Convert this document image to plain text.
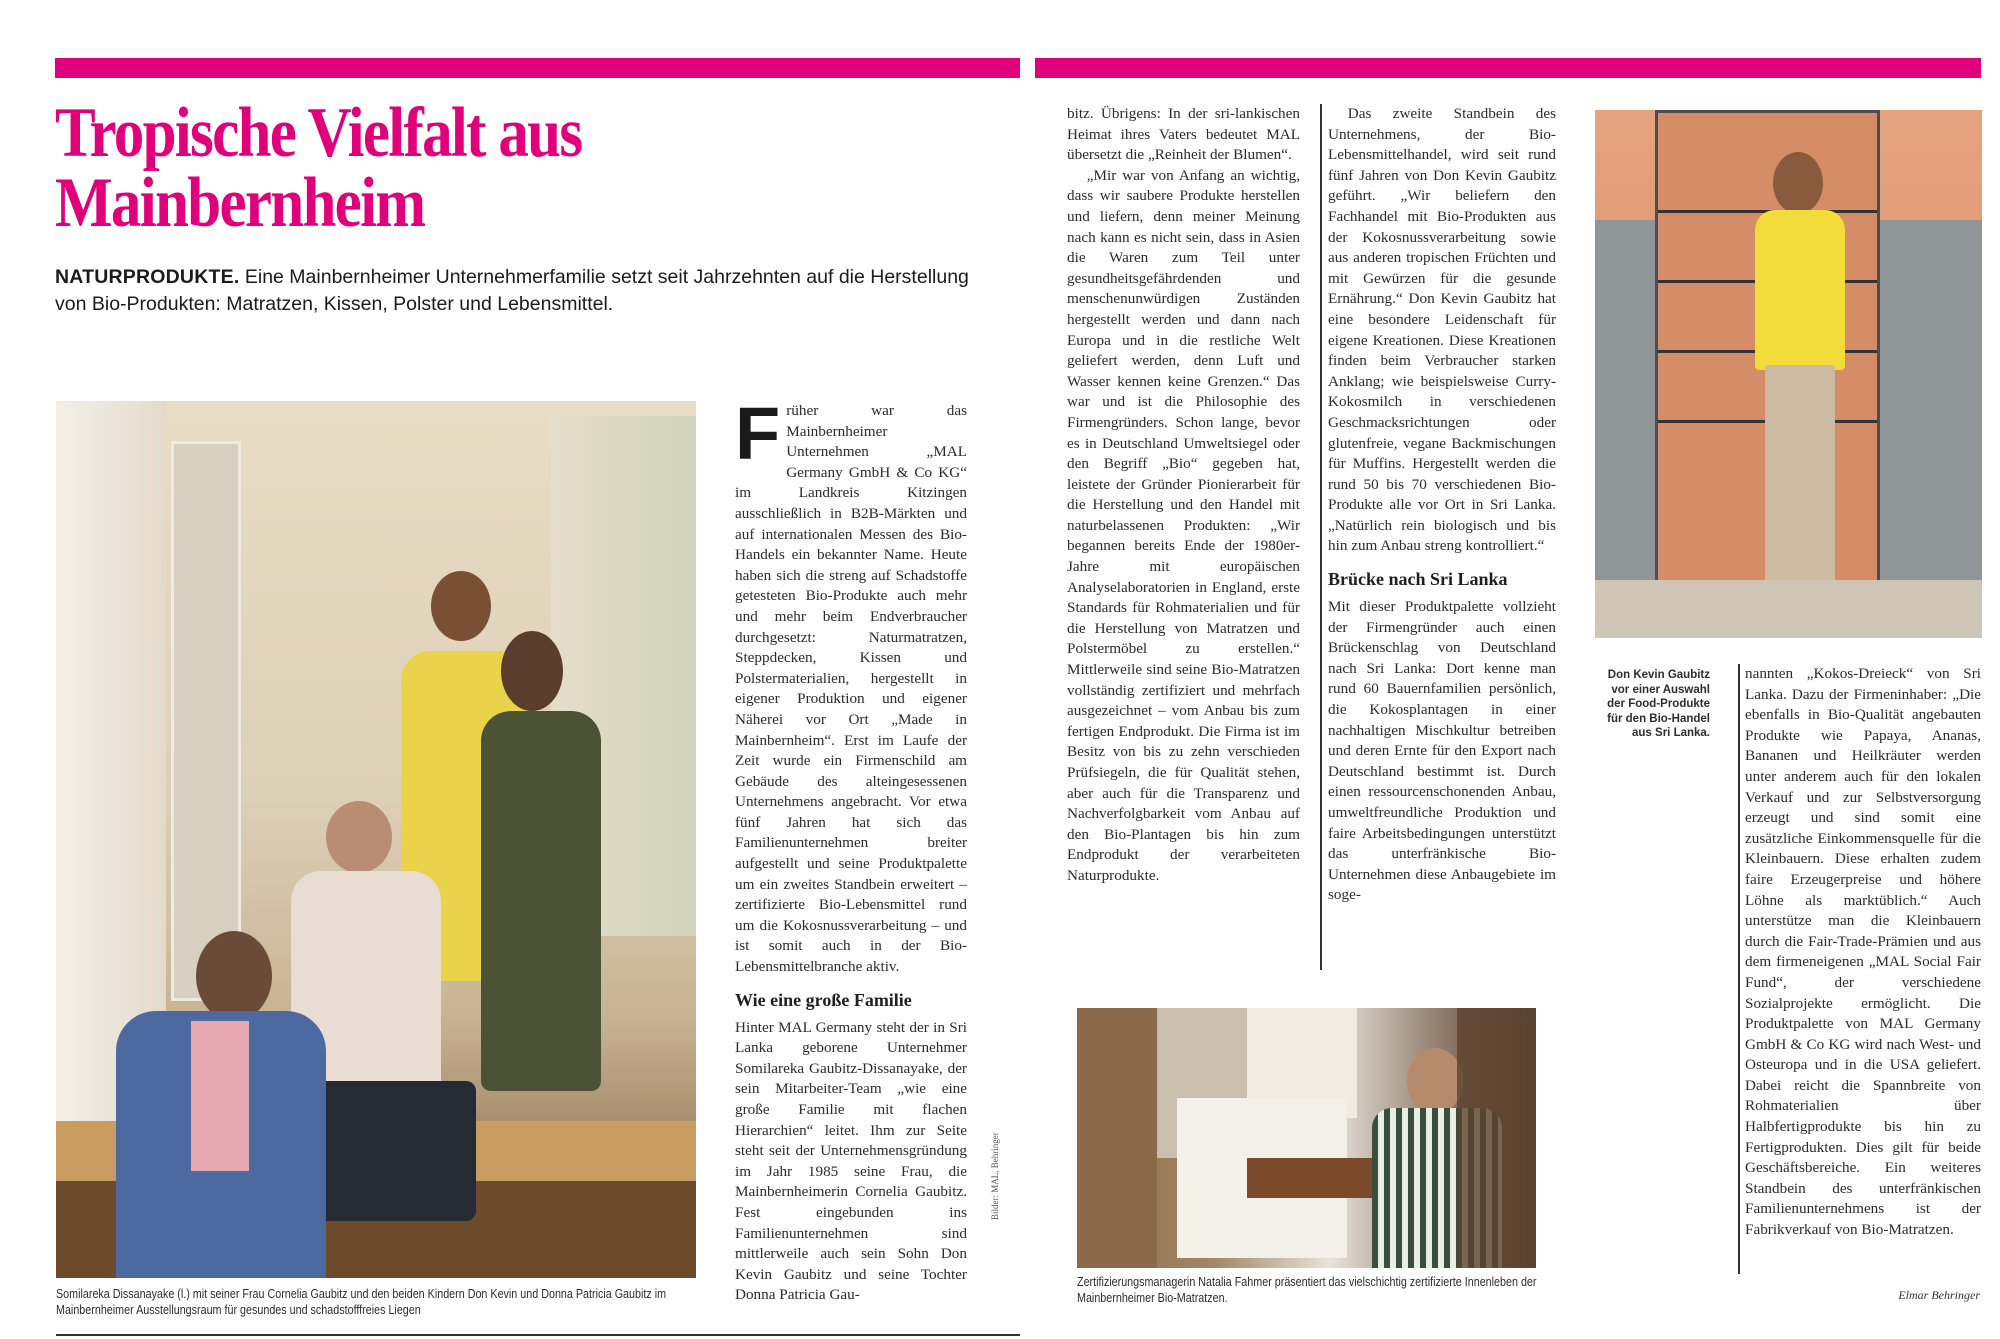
Tropische Vielfalt aus
Mainbernheim
NATURPRODUKTE. Eine Mainbernheimer Unternehmerfamilie setzt seit Jahrzehnten auf die Herstellung von Bio-Produkten: Matratzen, Kissen, Polster und Lebensmittel.
Somilareka Dissanayake (l.) mit seiner Frau Cornelia Gaubitz und den beiden Kindern Don Kevin und Donna Patricia Gaubitz im Mainbernheimer Ausstellungsraum für gesundes und schadstofffreies Liegen
F rüher war das Mainbernheimer Unternehmen „MAL Germany GmbH & Co KG“ im Landkreis Kitzingen ausschließlich in B2B-Märkten und auf internationalen Messen des Bio-Handels ein bekannter Name. Heute haben sich die streng auf Schadstoffe getesteten Bio-Produkte auch mehr und mehr beim Endverbraucher durchgesetzt: Naturmatratzen, Steppdecken, Kissen und Polstermaterialien, hergestellt in eigener Produktion und eigener Näherei vor Ort „Made in Mainbernheim“. Erst im Laufe der Zeit wurde ein Firmenschild am Gebäude des alteingesessenen Unternehmens angebracht. Vor etwa fünf Jahren hat sich das Familienunternehmen breiter aufgestellt und seine Produktpalette um ein zweites Standbein erweitert – zertifizierte Bio-Lebensmittel rund um die Kokosnussverarbeitung – und ist somit auch in der Bio-Lebensmittelbranche aktiv.

Wie eine große Familie

Hinter MAL Germany steht der in Sri Lanka geborene Unternehmer Somilareka Gaubitz-Dissanayake, der sein Mitarbeiter-Team „wie eine große Familie mit flachen Hierarchien“ leitet. Ihm zur Seite steht seit der Unternehmensgründung im Jahr 1985 seine Frau, die Mainbernheimerin Cornelia Gaubitz. Fest eingebunden ins Familienunternehmen sind mittlerweile auch sein Sohn Don Kevin Gaubitz und seine Tochter Donna Patricia Gau-

Bilder: MAL, Behringer

bitz. Übrigens: In der sri-lankischen Heimat ihres Vaters bedeutet MAL übersetzt die „Reinheit der Blumen“.

„Mir war von Anfang an wichtig, dass wir saubere Produkte herstellen und liefern, denn meiner Meinung nach kann es nicht sein, dass in Asien die Waren zum Teil unter gesundheitsgefährdenden und menschenunwürdigen Zuständen hergestellt werden und dann nach Europa und in die restliche Welt geliefert werden, denn Luft und Wasser kennen keine Grenzen.“ Das war und ist die Philosophie des Firmengründers. Schon lange, bevor es in Deutschland Umweltsiegel oder den Begriff „Bio“ gegeben hat, leistete der Gründer Pionierarbeit für die Herstellung und den Handel mit naturbelassenen Produkten: „Wir begannen bereits Ende der 1980er-Jahre mit europäischen Analyselaboratorien in England, erste Standards für Rohmaterialien und für die Herstellung von Matratzen und Polstermöbel zu erstellen.“ Mittlerweile sind seine Bio-Matratzen vollständig zertifiziert und mehrfach ausgezeichnet – vom Anbau bis zum fertigen Endprodukt. Die Firma ist im Besitz von bis zu zehn verschieden Prüfsiegeln, die für Qualität stehen, aber auch für die Transparenz und Nachverfolgbarkeit vom Anbau auf den Bio-Plantagen bis hin zum Endprodukt der verarbeiteten Naturprodukte.

Das zweite Standbein des Unternehmens, der Bio-Lebensmittelhandel, wird seit rund fünf Jahren von Don Kevin Gaubitz geführt. „Wir beliefern den Fachhandel mit Bio-Produkten aus der Kokosnussverarbeitung sowie aus anderen tropischen Früchten und mit Gewürzen für die gesunde Ernährung.“ Don Kevin Gaubitz hat eine besondere Leidenschaft für eigene Kreationen. Diese Kreationen finden beim Verbraucher starken Anklang; wie beispielsweise Curry-Kokosmilch in verschiedenen Geschmacksrichtungen oder glutenfreie, vegane Backmischungen für Muffins. Hergestellt werden die rund 50 bis 70 verschiedenen Bio-Produkte alle vor Ort in Sri Lanka. „Natürlich rein biologisch und bis hin zum Anbau streng kontrolliert.“

Brücke nach Sri Lanka

Mit dieser Produktpalette vollzieht der Firmengründer auch einen Brückenschlag von Deutschland nach Sri Lanka: Dort kenne man rund 60 Bauernfamilien persönlich, die Kokosplantagen in einer nachhaltigen Mischkultur betreiben und deren Ernte für den Export nach Deutschland bestimmt ist. Durch einen ressourcenschonenden Anbau, umweltfreundliche Produktion und faire Arbeitsbedingungen unterstützt das unterfränkische Bio-Unternehmen diese Anbaugebiete im soge-

Zertifizierungsmanagerin Natalia Fahmer präsentiert das vielschichtig zertifizierte Innenleben der Mainbernheimer Bio-Matratzen.
Don Kevin Gaubitz vor einer Auswahl der Food-Produkte für den Bio-Handel aus Sri Lanka.

nannten „Kokos-Dreieck“ von Sri Lanka. Dazu der Firmeninhaber: „Die ebenfalls in Bio-Qualität angebauten Produkte wie Papaya, Ananas, Bananen und Heilkräuter werden unter anderem auch für den lokalen Verkauf und zur Selbstversorgung erzeugt und sind somit eine zusätzliche Einkommensquelle für die Kleinbauern. Diese erhalten zudem faire Erzeugerpreise und höhere Löhne als marktüblich.“ Auch unterstütze man die Kleinbauern durch die Fair-Trade-Prämien und aus dem firmeneigenen „MAL Social Fair Fund“, der verschiedene Sozialprojekte ermöglicht. Die Produktpalette von MAL Germany GmbH & Co KG wird nach West- und Osteuropa und in die USA geliefert. Dabei reicht die Spannbreite von Rohmaterialien über Halbfertigprodukte bis hin zu Fertigprodukten. Dies gilt für beide Geschäftsbereiche. Ein weiteres Standbein des unterfränkischen Familienunternehmens ist der Fabrikverkauf von Bio-Matratzen.

Elmar Behringer
